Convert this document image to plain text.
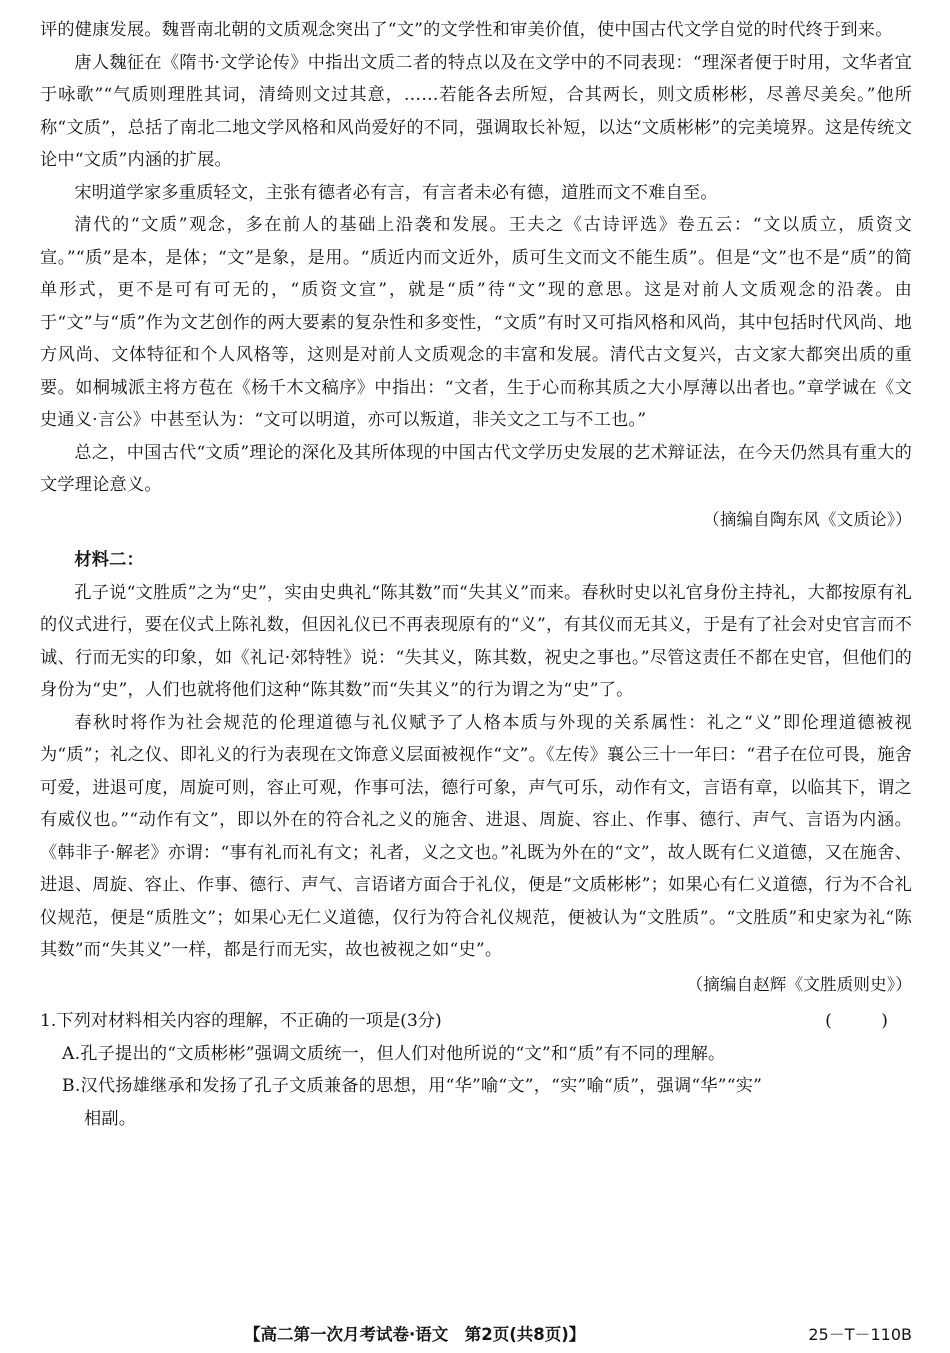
评的健康发展。魏晋南北朝的文质观念突出了“文”的文学性和审美价值，使中国古代文学自觉的时代终于到来。

唐人魏征在《隋书·文学论传》中指出文质二者的特点以及在文学中的不同表现：“理深者便于时用，文华者宜于咏歌”“气质则理胜其词，清绮则文过其意，……若能各去所短，合其两长，则文质彬彬，尽善尽美矣。”他所称“文质”，总括了南北二地文学风格和风尚爱好的不同，强调取长补短，以达“文质彬彬”的完美境界。这是传统文论中“文质”内涵的扩展。

宋明道学家多重质轻文，主张有德者必有言，有言者未必有德，道胜而文不难自至。

清代的“文质”观念，多在前人的基础上沿袭和发展。王夫之《古诗评选》卷五云：“文以质立，质资文宣。”“质”是本，是体；“文”是象，是用。“质近内而文近外，质可生文而文不能生质”。但是“文”也不是“质”的简单形式，更不是可有可无的，“质资文宣”，就是“质”待“文”现的意思。这是对前人文质观念的沿袭。由于“文”与“质”作为文艺创作的两大要素的复杂性和多变性，“文质”有时又可指风格和风尚，其中包括时代风尚、地方风尚、文体特征和个人风格等，这则是对前人文质观念的丰富和发展。清代古文复兴，古文家大都突出质的重要。如桐城派主将方苞在《杨千木文稿序》中指出：“文者，生于心而称其质之大小厚薄以出者也。”章学诚在《文史通义·言公》中甚至认为：“文可以明道，亦可以叛道，非关文之工与不工也。”

总之，中国古代“文质”理论的深化及其所体现的中国古代文学历史发展的艺术辩证法，在今天仍然具有重大的文学理论意义。

（摘编自陶东风《文质论》）

材料二：

孔子说“文胜质”之为“史”，实由史典礼“陈其数”而“失其义”而来。春秋时史以礼官身份主持礼，大都按原有礼的仪式进行，要在仪式上陈礼数，但因礼仪已不再表现原有的“义”，有其仪而无其义，于是有了社会对史官言而不诚、行而无实的印象，如《礼记·郊特牲》说：“失其义，陈其数，祝史之事也。”尽管这责任不都在史官，但他们的身份为“史”，人们也就将他们这种“陈其数”而“失其义”的行为谓之为“史”了。

春秋时将作为社会规范的伦理道德与礼仪赋予了人格本质与外现的关系属性：礼之“义”即伦理道德被视为“质”；礼之仪、即礼义的行为表现在文饰意义层面被视作“文”。《左传》襄公三十一年曰：“君子在位可畏，施舍可爱，进退可度，周旋可则，容止可观，作事可法，德行可象，声气可乐，动作有文，言语有章，以临其下，谓之有威仪也。”“动作有文”，即以外在的符合礼之义的施舍、进退、周旋、容止、作事、德行、声气、言语为内涵。《韩非子·解老》亦谓：“事有礼而礼有文；礼者，义之文也。”礼既为外在的“文”，故人既有仁义道德，又在施舍、进退、周旋、容止、作事、德行、声气、言语诸方面合于礼仪，便是“文质彬彬”；如果心有仁义道德，行为不合礼仪规范，便是“质胜文”；如果心无仁义道德，仅行为符合礼仪规范，便被认为“文胜质”。“文胜质”和史家为礼“陈其数”而“失其义”一样，都是行而无实，故也被视之如“史”。

（摘编自赵辉《文胜质则史》）

1.下列对材料相关内容的理解，不正确的一项是(3分)	( )

A.孔子提出的“文质彬彬”强调文质统一，但人们对他所说的“文”和“质”有不同的理解。

B.汉代扬雄继承和发扬了孔子文质兼备的思想，用“华”喻“文”，“实”喻“质”，强调“华”“实”

相副。

【高二第一次月考试卷·语文　第2页(共8页)】	25－T－110B
